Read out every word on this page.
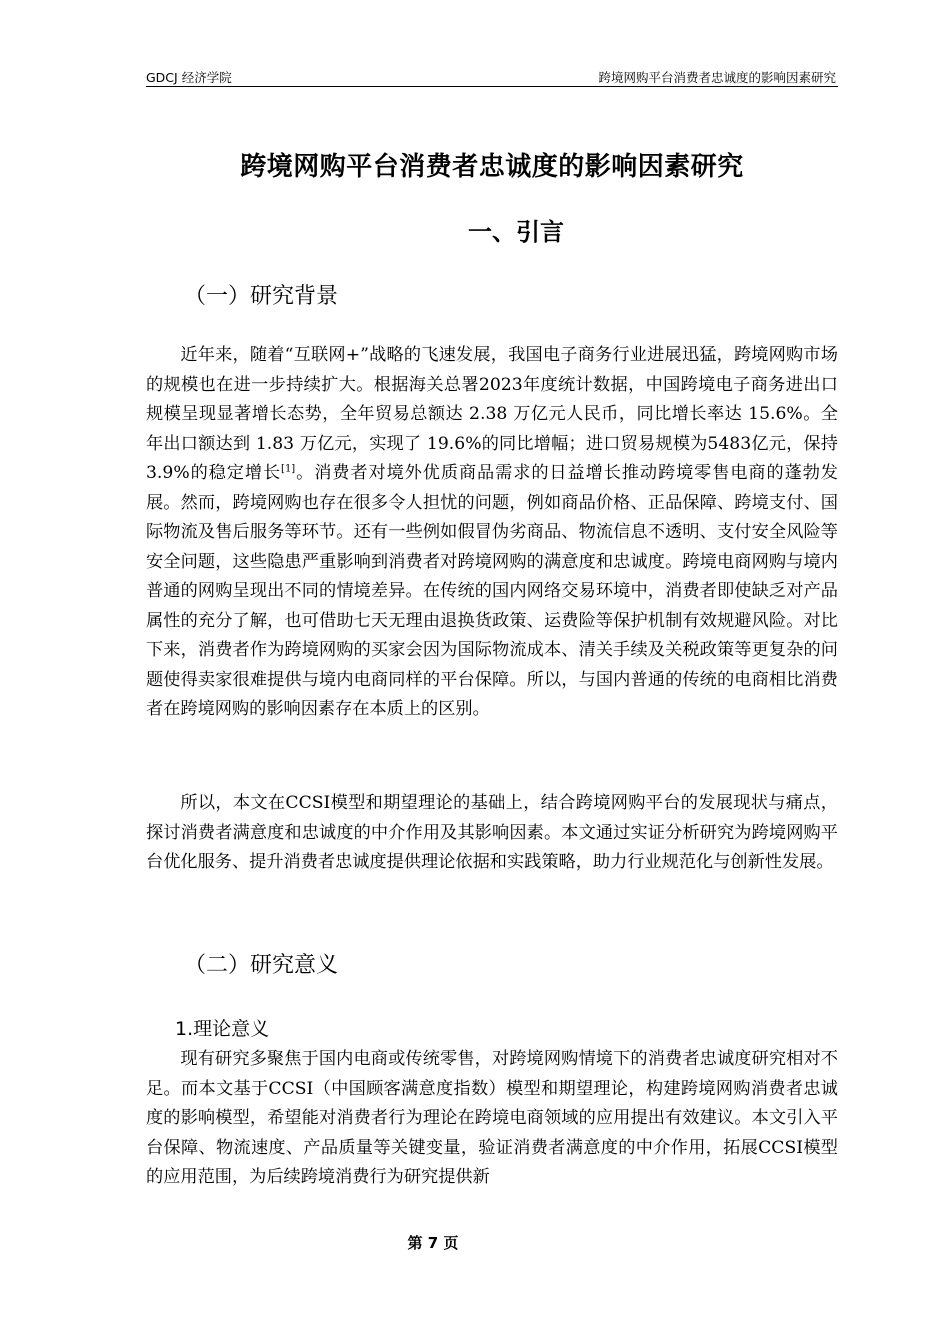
GDCJ 经济学院	跨境网购平台消费者忠诚度的影响因素研究
跨境网购平台消费者忠诚度的影响因素研究
一、引言
（一）研究背景

近年来，随着“互联网+”战略的飞速发展，我国电子商务行业进展迅猛，跨境网购市场的规模也在进一步持续扩大。根据海关总署2023年度统计数据，中国跨境电子商务进出口规模呈现显著增长态势，全年贸易总额达 2.38 万亿元人民币，同比增长率达 15.6%。全年出口额达到 1.83 万亿元，实现了 19.6%的同比增幅；进口贸易规模为5483亿元，保持 3.9%的稳定增长[1]。消费者对境外优质商品需求的日益增长推动跨境零售电商的蓬勃发展。然而，跨境网购也存在很多令人担忧的问题，例如商品价格、正品保障、跨境支付、国际物流及售后服务等环节。还有一些例如假冒伪劣商品、物流信息不透明、支付安全风险等安全问题，这些隐患严重影响到消费者对跨境网购的满意度和忠诚度。跨境电商网购与境内普通的网购呈现出不同的情境差异。在传统的国内网络交易环境中，消费者即使缺乏对产品属性的充分了解，也可借助七天无理由退换货政策、运费险等保护机制有效规避风险。对比下来，消费者作为跨境网购的买家会因为国际物流成本、清关手续及关税政策等更复杂的问题使得卖家很难提供与境内电商同样的平台保障。所以，与国内普通的传统的电商相比消费者在跨境网购的影响因素存在本质上的区别。

所以，本文在CCSI模型和期望理论的基础上，结合跨境网购平台的发展现状与痛点，探讨消费者满意度和忠诚度的中介作用及其影响因素。本文通过实证分析研究为跨境网购平台优化服务、提升消费者忠诚度提供理论依据和实践策略，助力行业规范化与创新性发展。

（二）研究意义
1.理论意义

现有研究多聚焦于国内电商或传统零售，对跨境网购情境下的消费者忠诚度研究相对不足。而本文基于CCSI（中国顾客满意度指数）模型和期望理论，构建跨境网购消费者忠诚度的影响模型，希望能对消费者行为理论在跨境电商领域的应用提出有效建议。本文引入平台保障、物流速度、产品质量等关键变量，验证消费者满意度的中介作用，拓展CCSI模型的应用范围，为后续跨境消费行为研究提供新

第 7 页
